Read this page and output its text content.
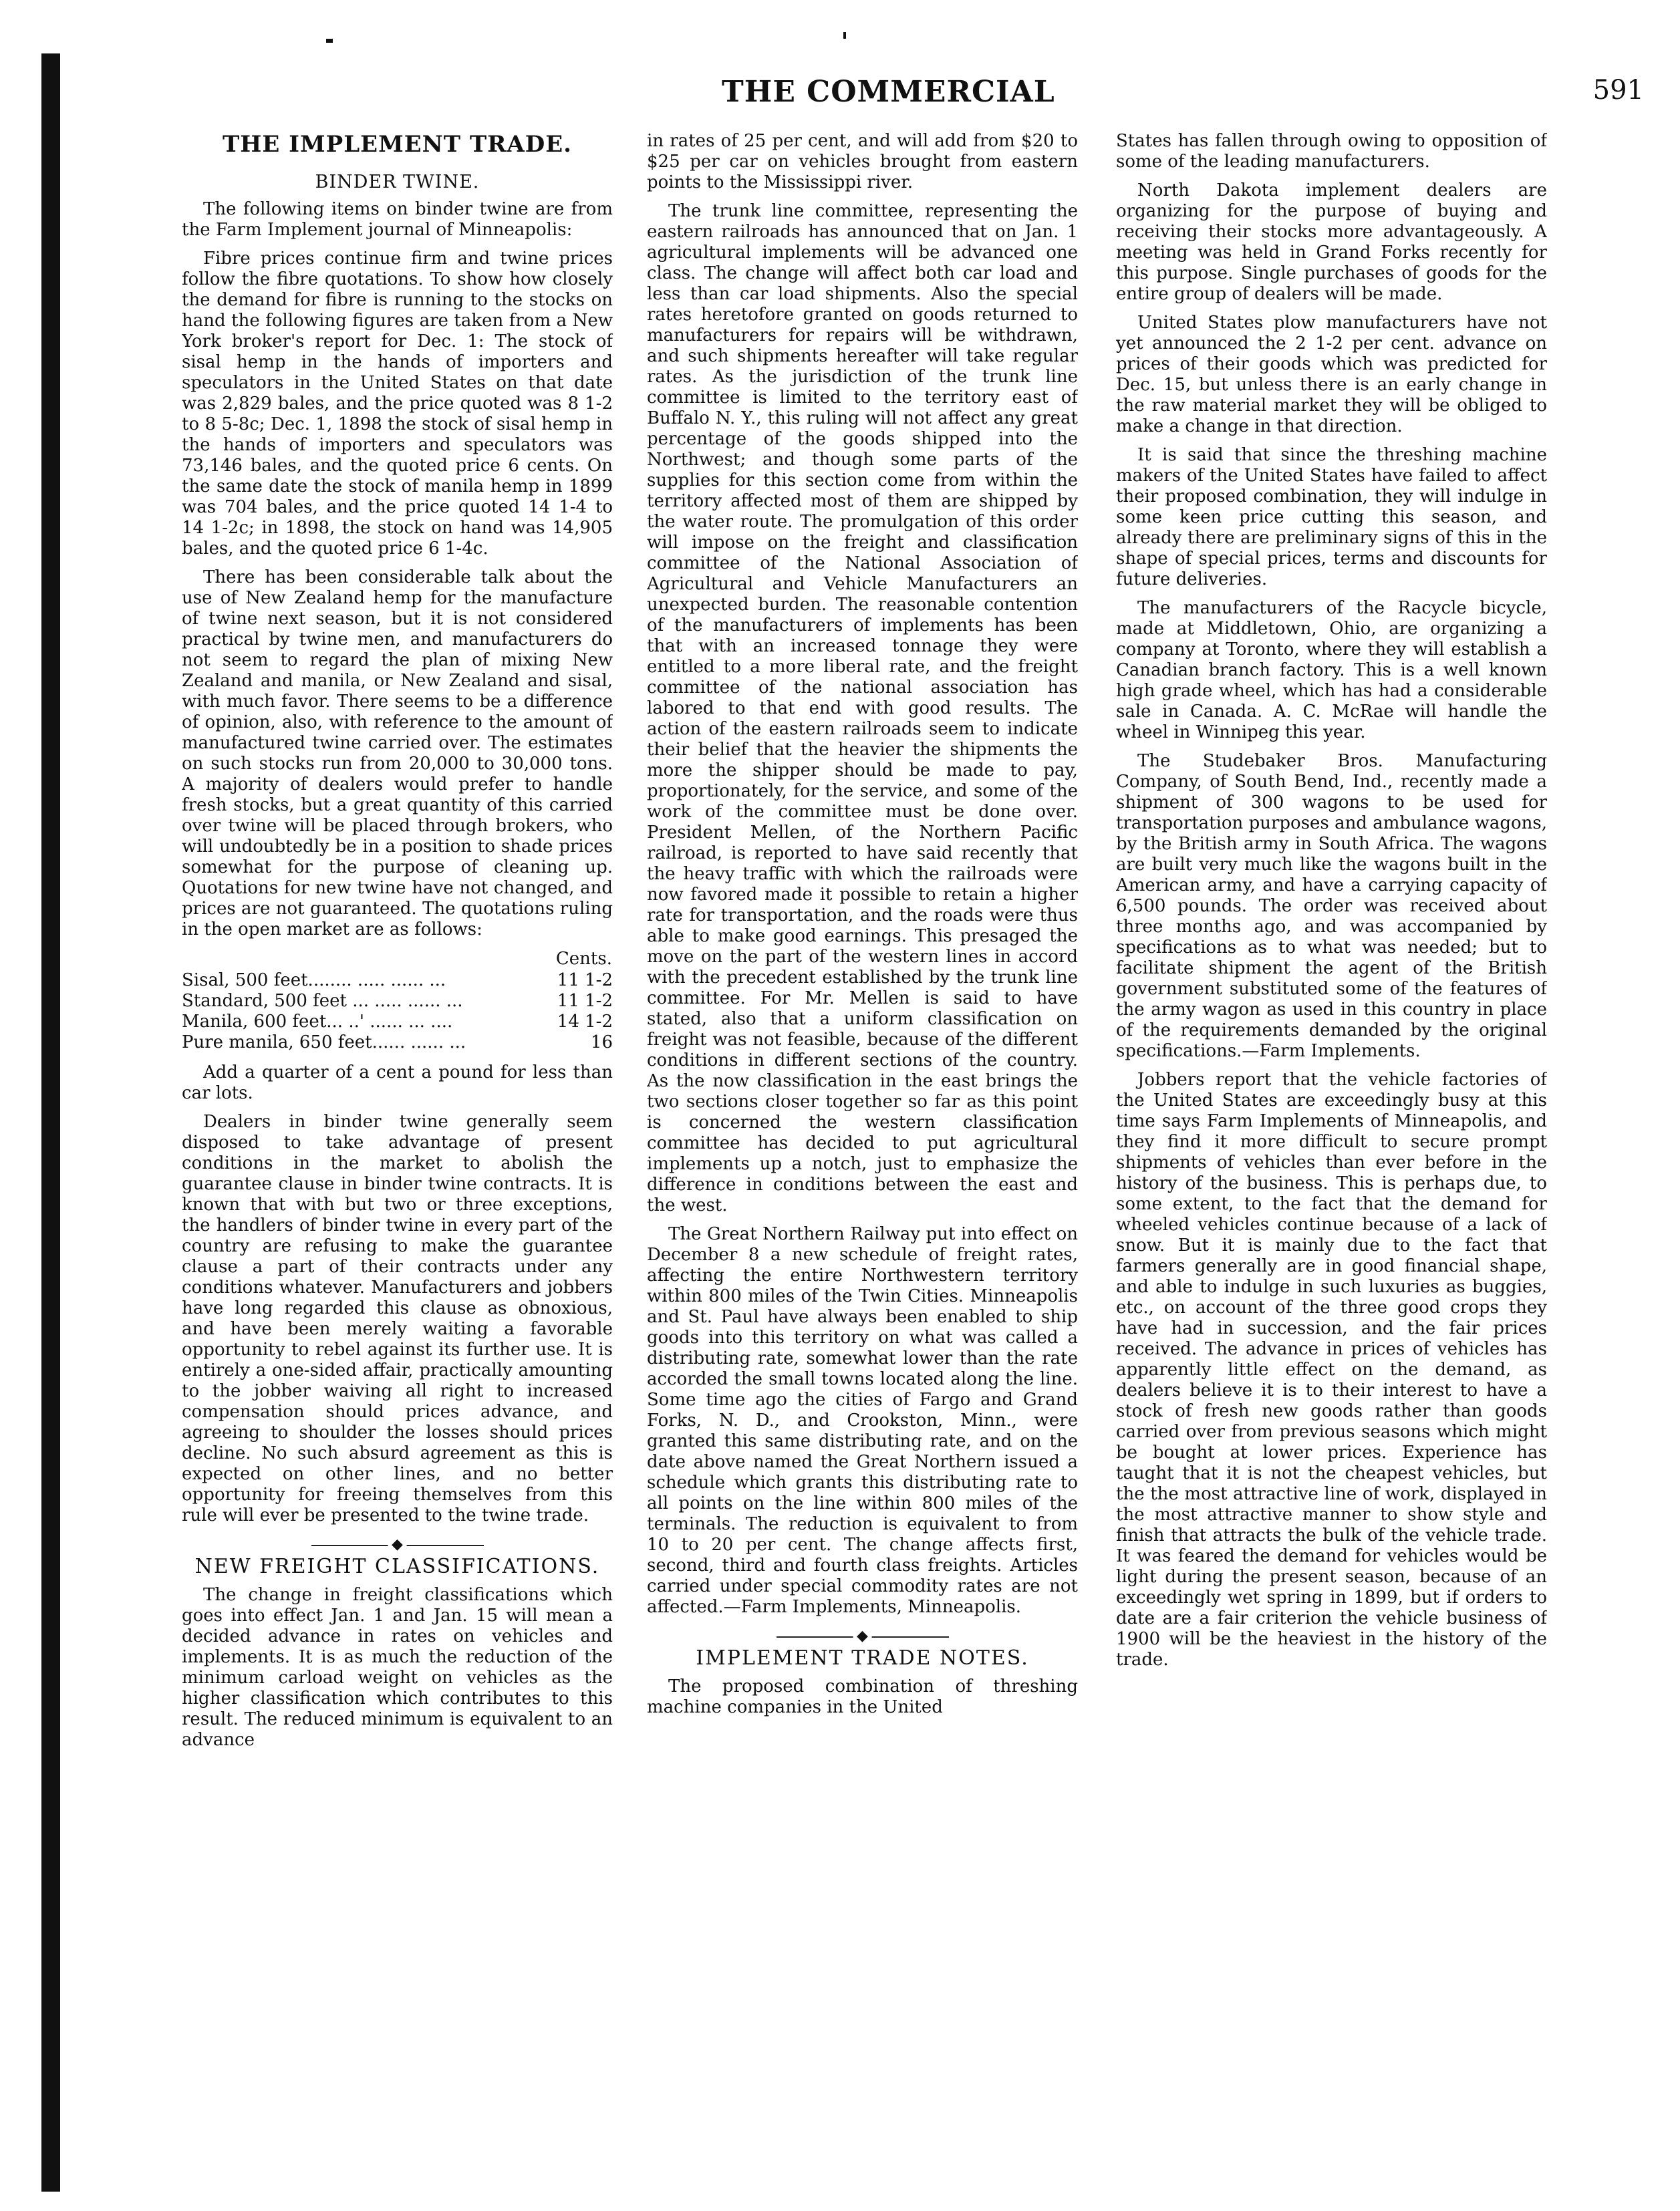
THE COMMERCIAL	591
THE IMPLEMENT TRADE.
BINDER TWINE.

The following items on binder twine are from the Farm Implement journal of Minneapolis:

Fibre prices continue firm and twine prices follow the fibre quotations. To show how closely the demand for fibre is running to the stocks on hand the following figures are taken from a New York broker's report for Dec. 1: The stock of sisal hemp in the hands of importers and speculators in the United States on that date was 2,829 bales, and the price quoted was 8 1-2 to 8 5-8c; Dec. 1, 1898 the stock of sisal hemp in the hands of importers and speculators was 73,146 bales, and the quoted price 6 cents. On the same date the stock of manila hemp in 1899 was 704 bales, and the price quoted 14 1-4 to 14 1-2c; in 1898, the stock on hand was 14,905 bales, and the quoted price 6 1-4c.

There has been considerable talk about the use of New Zealand hemp for the manufacture of twine next season, but it is not considered practical by twine men, and manufacturers do not seem to regard the plan of mixing New Zealand and manila, or New Zealand and sisal, with much favor. There seems to be a difference of opinion, also, with reference to the amount of manufactured twine carried over. The estimates on such stocks run from 20,000 to 30,000 tons. A majority of dealers would prefer to handle fresh stocks, but a great quantity of this carried over twine will be placed through brokers, who will undoubtedly be in a position to shade prices somewhat for the purpose of cleaning up. Quotations for new twine have not changed, and prices are not guaranteed. The quotations ruling in the open market are as follows:

	Cents.
Sisal, 500 feet........ ..... ...... ...	11 1-2
Standard, 500 feet ... ..... ...... ...	11 1-2
Manila, 600 feet... ..' ...... ... ....	14 1-2
Pure manila, 650 feet...... ...... ...	16

Add a quarter of a cent a pound for less than car lots.

Dealers in binder twine generally seem disposed to take advantage of present conditions in the market to abolish the guarantee clause in binder twine contracts. It is known that with but two or three exceptions, the handlers of binder twine in every part of the country are refusing to make the guarantee clause a part of their contracts under any conditions whatever. Manufacturers and jobbers have long regarded this clause as obnoxious, and have been merely waiting a favorable opportunity to rebel against its further use. It is entirely a one-sided affair, practically amounting to the jobber waiving all right to increased compensation should prices advance, and agreeing to shoulder the losses should prices decline. No such absurd agreement as this is expected on other lines, and no better opportunity for freeing themselves from this rule will ever be presented to the twine trade.

◆
NEW FREIGHT CLASSIFICATIONS.

The change in freight classifications which goes into effect Jan. 1 and Jan. 15 will mean a decided advance in rates on vehicles and implements. It is as much the reduction of the minimum carload weight on vehicles as the higher classification which contributes to this result. The reduced minimum is equivalent to an advance

in rates of 25 per cent, and will add from $20 to $25 per car on vehicles brought from eastern points to the Mississippi river.

The trunk line committee, representing the eastern railroads has announced that on Jan. 1 agricultural implements will be advanced one class. The change will affect both car load and less than car load shipments. Also the special rates heretofore granted on goods returned to manufacturers for repairs will be withdrawn, and such shipments hereafter will take regular rates. As the jurisdiction of the trunk line committee is limited to the territory east of Buffalo N. Y., this ruling will not affect any great percentage of the goods shipped into the Northwest; and though some parts of the supplies for this section come from within the territory affected most of them are shipped by the water route. The promulgation of this order will impose on the freight and classification committee of the National Association of Agricultural and Vehicle Manufacturers an unexpected burden. The reasonable contention of the manufacturers of implements has been that with an increased tonnage they were entitled to a more liberal rate, and the freight committee of the national association has labored to that end with good results. The action of the eastern railroads seem to indicate their belief that the heavier the shipments the more the shipper should be made to pay, proportionately, for the service, and some of the work of the committee must be done over. President Mellen, of the Northern Pacific railroad, is reported to have said recently that the heavy traffic with which the railroads were now favored made it possible to retain a higher rate for transportation, and the roads were thus able to make good earnings. This presaged the move on the part of the western lines in accord with the precedent established by the trunk line committee. For Mr. Mellen is said to have stated, also that a uniform classification on freight was not feasible, because of the different conditions in different sections of the country. As the now classification in the east brings the two sections closer together so far as this point is concerned the western classification committee has decided to put agricultural implements up a notch, just to emphasize the difference in conditions between the east and the west.

The Great Northern Railway put into effect on December 8 a new schedule of freight rates, affecting the entire Northwestern territory within 800 miles of the Twin Cities. Minneapolis and St. Paul have always been enabled to ship goods into this territory on what was called a distributing rate, somewhat lower than the rate accorded the small towns located along the line. Some time ago the cities of Fargo and Grand Forks, N. D., and Crookston, Minn., were granted this same distributing rate, and on the date above named the Great Northern issued a schedule which grants this distributing rate to all points on the line within 800 miles of the terminals. The reduction is equivalent to from 10 to 20 per cent. The change affects first, second, third and fourth class freights. Articles carried under special commodity rates are not affected.—Farm Implements, Minneapolis.

◆
IMPLEMENT TRADE NOTES.

The proposed combination of threshing machine companies in the United

States has fallen through owing to opposition of some of the leading manufacturers.

North Dakota implement dealers are organizing for the purpose of buying and receiving their stocks more advantageously. A meeting was held in Grand Forks recently for this purpose. Single purchases of goods for the entire group of dealers will be made.

United States plow manufacturers have not yet announced the 2 1-2 per cent. advance on prices of their goods which was predicted for Dec. 15, but unless there is an early change in the raw material market they will be obliged to make a change in that direction.

It is said that since the threshing machine makers of the United States have failed to affect their proposed combination, they will indulge in some keen price cutting this season, and already there are preliminary signs of this in the shape of special prices, terms and discounts for future deliveries.

The manufacturers of the Racycle bicycle, made at Middletown, Ohio, are organizing a company at Toronto, where they will establish a Canadian branch factory. This is a well known high grade wheel, which has had a considerable sale in Canada. A. C. McRae will handle the wheel in Winnipeg this year.

The Studebaker Bros. Manufacturing Company, of South Bend, Ind., recently made a shipment of 300 wagons to be used for transportation purposes and ambulance wagons, by the British army in South Africa. The wagons are built very much like the wagons built in the American army, and have a carrying capacity of 6,500 pounds. The order was received about three months ago, and was accompanied by specifications as to what was needed; but to facilitate shipment the agent of the British government substituted some of the features of the army wagon as used in this country in place of the requirements demanded by the original specifications.—Farm Implements.

Jobbers report that the vehicle factories of the United States are exceedingly busy at this time says Farm Implements of Minneapolis, and they find it more difficult to secure prompt shipments of vehicles than ever before in the history of the business. This is perhaps due, to some extent, to the fact that the demand for wheeled vehicles continue because of a lack of snow. But it is mainly due to the fact that farmers generally are in good financial shape, and able to indulge in such luxuries as buggies, etc., on account of the three good crops they have had in succession, and the fair prices received. The advance in prices of vehicles has apparently little effect on the demand, as dealers believe it is to their interest to have a stock of fresh new goods rather than goods carried over from previous seasons which might be bought at lower prices. Experience has taught that it is not the cheapest vehicles, but the the most attractive line of work, displayed in the most attractive manner to show style and finish that attracts the bulk of the vehicle trade. It was feared the demand for vehicles would be light during the present season, because of an exceedingly wet spring in 1899, but if orders to date are a fair criterion the vehicle business of 1900 will be the heaviest in the history of the trade.
